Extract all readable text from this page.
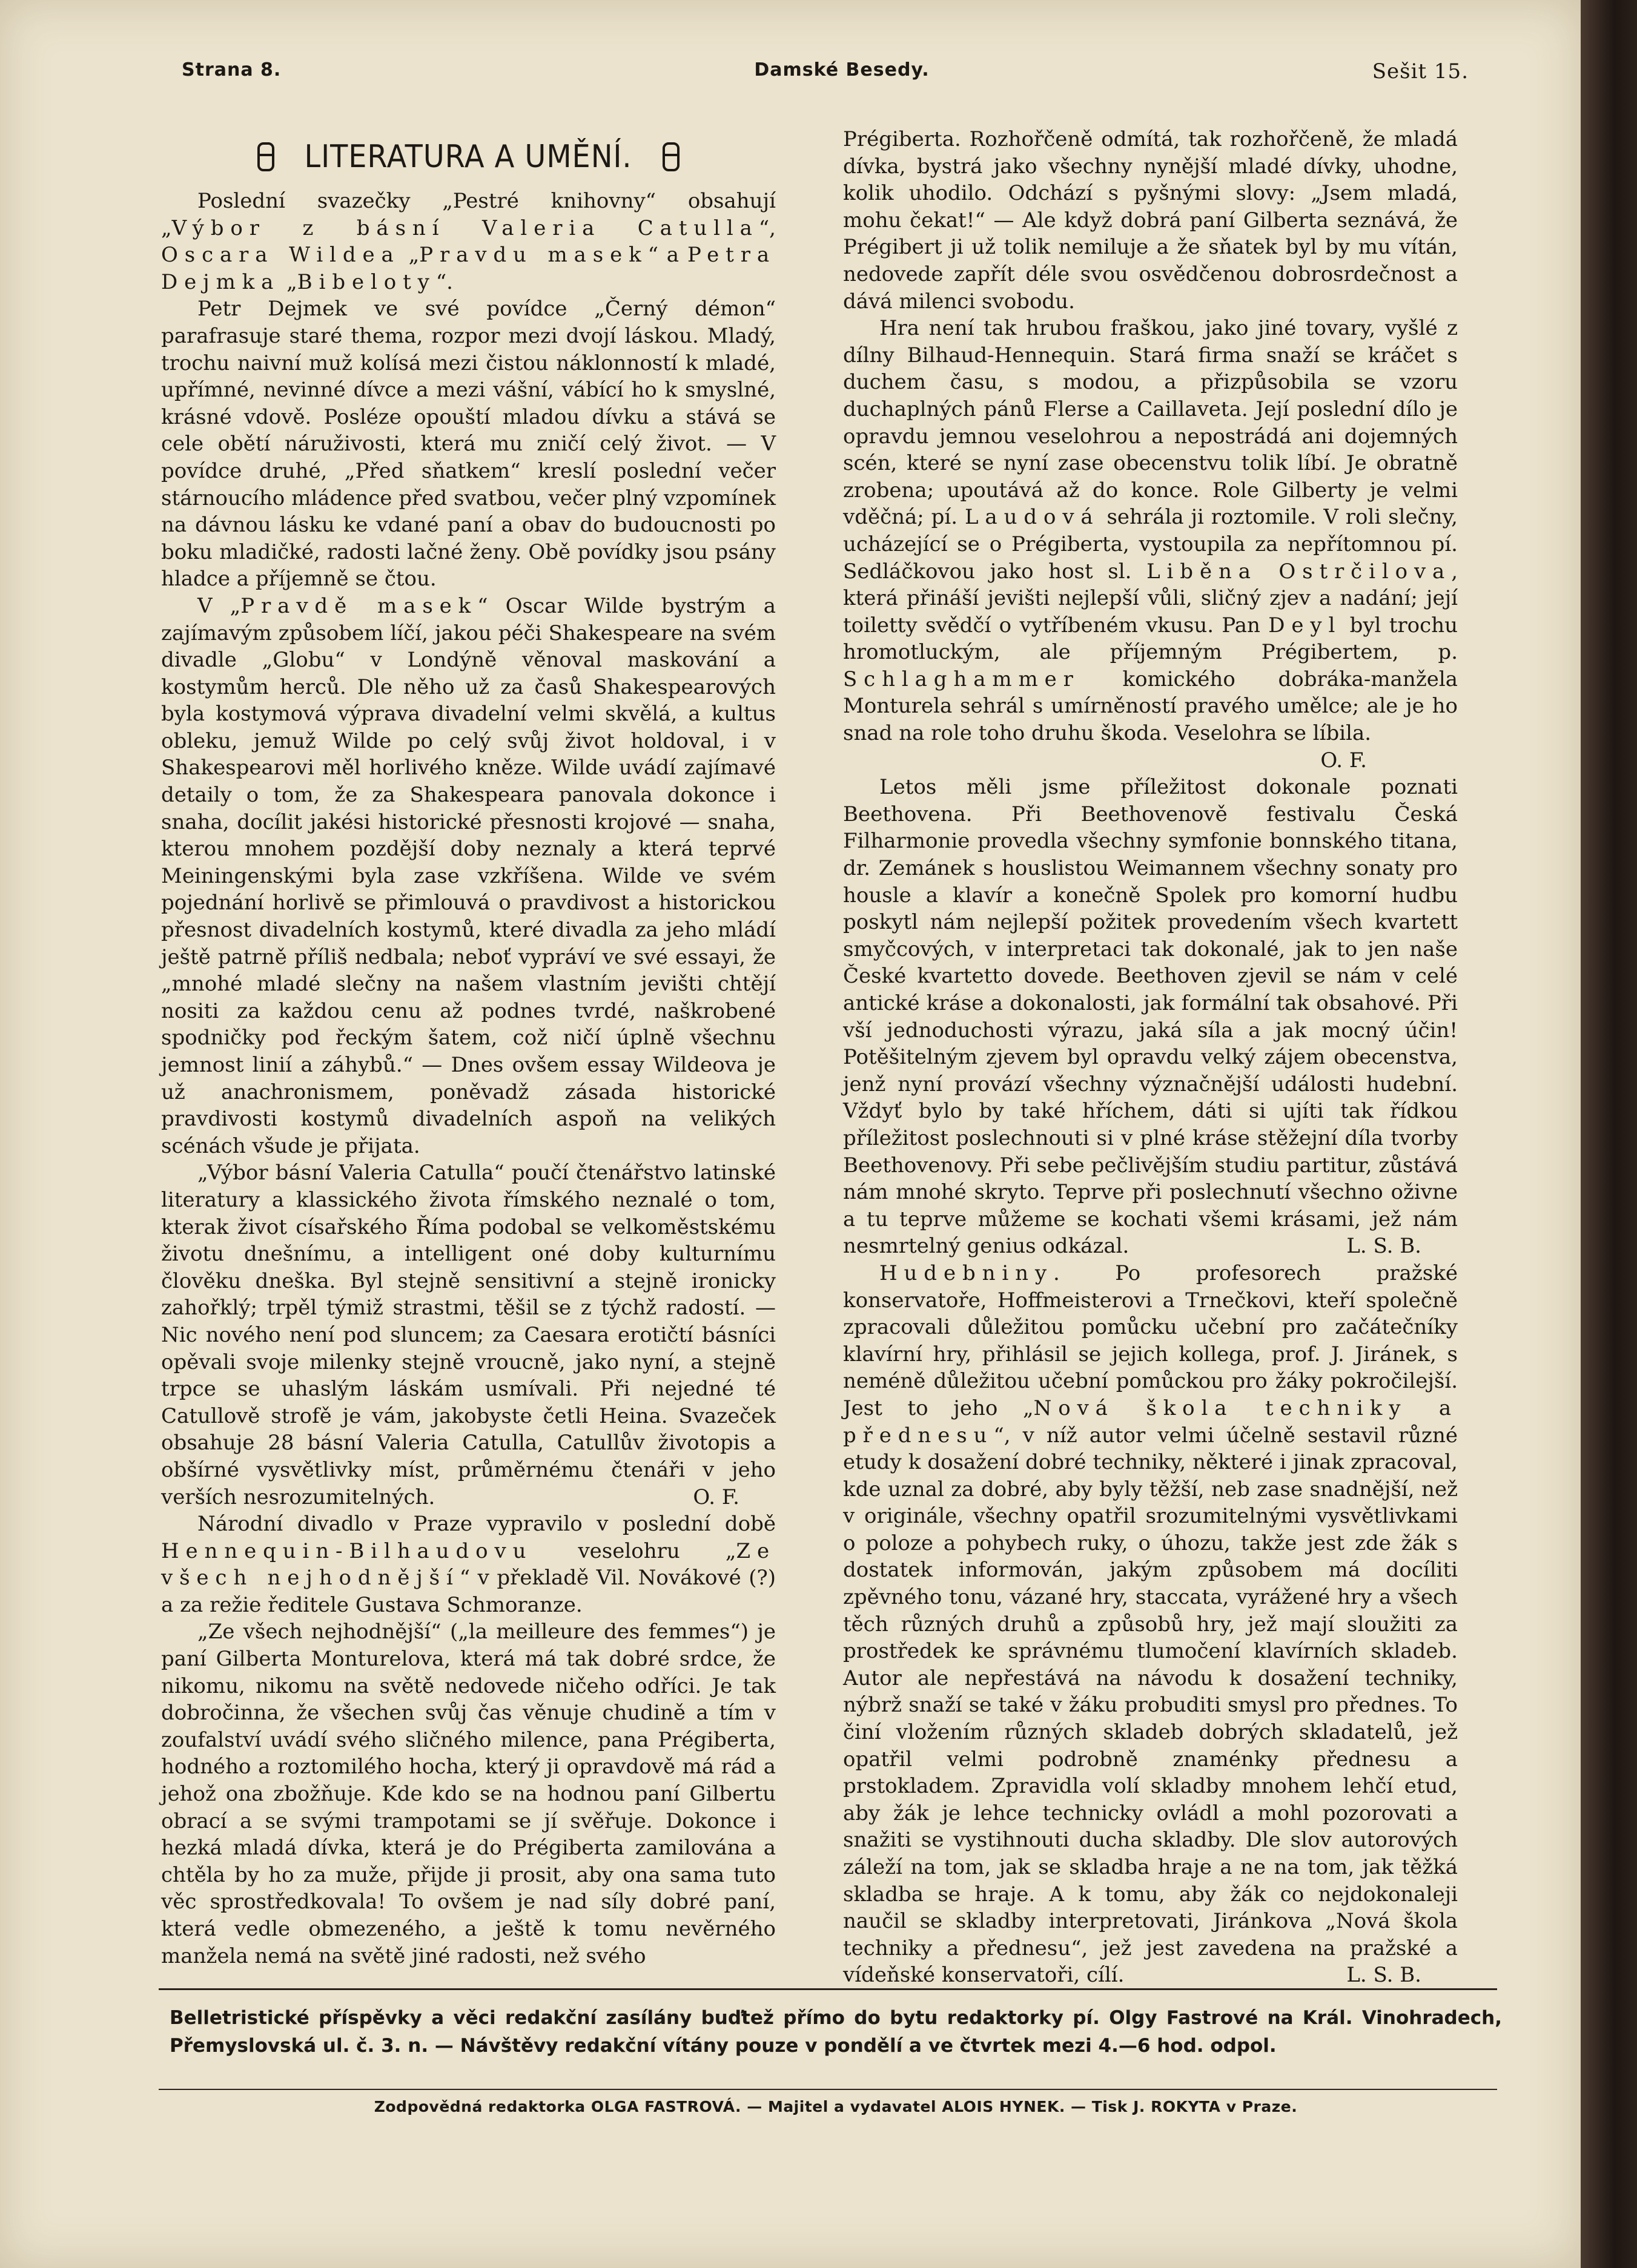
Strana 8.	Damské Besedy.	Sešit 15.
LITERATURA A UMĚNÍ.

Poslední svazečky „Pestré knihovny“ obsahují „Výbor z básní Valeria Catulla“, Oscara Wildea „Pravdu masek“ a Petra Dejmka „Bibeloty“.

Petr Dejmek ve své povídce „Černý démon“ parafrasuje staré thema, rozpor mezi dvojí láskou. Mladý, trochu naivní muž kolísá mezi čistou náklonností k mladé, upřímné, nevinné dívce a mezi vášní, vábící ho k smyslné, krásné vdově. Posléze opouští mladou dívku a stává se cele obětí náruživosti, která mu zničí celý život. — V povídce druhé, „Před sňatkem“ kreslí poslední večer stárnoucího mládence před svatbou, večer plný vzpomínek na dávnou lásku ke vdané paní a obav do budoucnosti po boku mladičké, radosti lačné ženy. Obě povídky jsou psány hladce a příjemně se čtou.

V „Pravdě masek“ Oscar Wilde bystrým a zajímavým způsobem líčí, jakou péči Shakespeare na svém divadle „Globu“ v Londýně věnoval maskování a kostymům herců. Dle něho už za časů Shakespearových byla kostymová výprava divadelní velmi skvělá, a kultus obleku, jemuž Wilde po celý svůj život holdoval, i v Shakespearovi měl horlivého kněze. Wilde uvádí zajímavé detaily o tom, že za Shakespeara panovala dokonce i snaha, docílit jakési historické přesnosti krojové — snaha, kterou mnohem pozdější doby neznaly a která teprvé Meiningenskými byla zase vzkříšena. Wilde ve svém pojednání horlivě se přimlouvá o pravdivost a historickou přesnost divadelních kostymů, které divadla za jeho mládí ještě patrně příliš nedbala; neboť vypráví ve své essayi, že „mnohé mladé slečny na našem vlastním jevišti chtějí nositi za každou cenu až podnes tvrdé, naškrobené spodničky pod řeckým šatem, což ničí úplně všechnu jemnost linií a záhybů.“ — Dnes ovšem essay Wildeova je už anachronismem, poněvadž zásada historické pravdivosti kostymů divadelních aspoň na velikých scénách všude je přijata.

„Výbor básní Valeria Catulla“ poučí čtenářstvo latinské literatury a klassického života římského neznalé o tom, kterak život císařského Říma podobal se velkoměstskému životu dnešnímu, a intelligent oné doby kulturnímu člověku dneška. Byl stejně sensitivní a stejně ironicky zahořklý; trpěl týmiž strastmi, těšil se z týchž radostí. — Nic nového není pod sluncem; za Caesara erotičtí básníci opěvali svoje milenky stejně vroucně, jako nyní, a stejně trpce se uhaslým láskám usmívali. Při nejedné té Catullově strofě je vám, jakobyste četli Heina. Svazeček obsahuje 28 básní Valeria Catulla, Catullův životopis a obšírné vysvětlivky míst, průměrnému čtenáři v jeho verších nesrozumitelných.	O. F.

Národní divadlo v Praze vypravilo v poslední době Hennequin-Bilhaudovu veselohru „Ze všech nejhodnější“ v překladě Vil. Novákové (?) a za režie ředitele Gustava Schmoranze.

„Ze všech nejhodnější“ („la meilleure des femmes“) je paní Gilberta Monturelova, která má tak dobré srdce, že nikomu, nikomu na světě nedovede ničeho odříci. Je tak dobročinna, že všechen svůj čas věnuje chudině a tím v zoufalství uvádí svého sličného milence, pana Prégiberta, hodného a roztomilého hocha, který ji opravdově má rád a jehož ona zbožňuje. Kde kdo se na hodnou paní Gilbertu obrací a se svými trampotami se jí svěřuje. Dokonce i hezká mladá dívka, která je do Prégiberta zamilována a chtěla by ho za muže, přijde ji prosit, aby ona sama tuto věc sprostředkovala! To ovšem je nad síly dobré paní, která vedle obmezeného, a ještě k tomu nevěrného manžela nemá na světě jiné radosti, než svého

Prégiberta. Rozhořčeně odmítá, tak rozhořčeně, že mladá dívka, bystrá jako všechny nynější mladé dívky, uhodne, kolik uhodilo. Odchází s pyšnými slovy: „Jsem mladá, mohu čekat!“ — Ale když dobrá paní Gilberta seznává, že Prégibert ji už tolik nemiluje a že sňatek byl by mu vítán, nedovede zapřít déle svou osvědčenou dobrosrdečnost a dává milenci svobodu.

Hra není tak hrubou fraškou, jako jiné tovary, vyšlé z dílny Bilhaud-Hennequin. Stará firma snaží se kráčet s duchem času, s modou, a přizpůsobila se vzoru duchaplných pánů Flerse a Caillaveta. Její poslední dílo je opravdu jemnou veselohrou a nepostrádá ani dojemných scén, které se nyní zase obecenstvu tolik líbí. Je obratně zrobena; upoutává až do konce. Role Gilberty je velmi vděčná; pí. Laudová sehrála ji roztomile. V roli slečny, ucházející se o Prégiberta, vystoupila za nepřítomnou pí. Sedláčkovou jako host sl. Liběna Ostrčilova, která přináší jevišti nejlepší vůli, sličný zjev a nadání; její toiletty svědčí o vytříbeném vkusu. Pan Deyl byl trochu hromotluckým, ale příjemným Prégibertem, p. Schlaghammer komického dobráka-manžela Monturela sehrál s umírněností pravého umělce; ale je ho snad na role toho druhu škoda. Veselohra se líbila.

O. F.

Letos měli jsme příležitost dokonale poznati Beethovena. Při Beethovenově festivalu Česká Filharmonie provedla všechny symfonie bonnského titana, dr. Zemánek s houslistou Weimannem všechny sonaty pro housle a klavír a konečně Spolek pro komorní hudbu poskytl nám nejlepší požitek provedením všech kvartett smyčcových, v interpretaci tak dokonalé, jak to jen naše České kvartetto dovede. Beethoven zjevil se nám v celé antické kráse a dokonalosti, jak formální tak obsahové. Při vší jednoduchosti výrazu, jaká síla a jak mocný účin! Potěšitelným zjevem byl opravdu velký zájem obecenstva, jenž nyní provází všechny význačnější události hudební. Vždyť bylo by také hříchem, dáti si ujíti tak řídkou příležitost poslechnouti si v plné kráse stěžejní díla tvorby Beethovenovy. Při sebe pečlivějším studiu partitur, zůstává nám mnohé skryto. Teprve při poslechnutí všechno oživne a tu teprve můžeme se kochati všemi krásami, jež nám nesmrtelný genius odkázal.	L. S. B.

Hudebniny. Po profesorech pražské konservatoře, Hoffmeisterovi a Trnečkovi, kteří společně zpracovali důležitou pomůcku učební pro začátečníky klavírní hry, přihlásil se jejich kollega, prof. J. Jiránek, s neméně důležitou učební pomůckou pro žáky pokročilejší. Jest to jeho „Nová škola techniky a přednesu“, v níž autor velmi účelně sestavil různé etudy k dosažení dobré techniky, některé i jinak zpracoval, kde uznal za dobré, aby byly těžší, neb zase snadnější, než v originále, všechny opatřil srozumitelnými vysvětlivkami o poloze a pohybech ruky, o úhozu, takže jest zde žák s dostatek informován, jakým způsobem má docíliti zpěvného tonu, vázané hry, staccata, vyrážené hry a všech těch různých druhů a způsobů hry, jež mají sloužiti za prostředek ke správnému tlumočení klavírních skladeb. Autor ale nepřestává na návodu k dosažení techniky, nýbrž snaží se také v žáku probuditi smysl pro přednes. To činí vložením různých skladeb dobrých skladatelů, jež opatřil velmi podrobně znaménky přednesu a prstokladem. Zpravidla volí skladby mnohem lehčí etud, aby žák je lehce technicky ovládl a mohl pozorovati a snažiti se vystihnouti ducha skladby. Dle slov autorových záleží na tom, jak se skladba hraje a ne na tom, jak těžká skladba se hraje. A k tomu, aby žák co nejdokonaleji naučil se skladby interpretovati, Jiránkova „Nová škola techniky a přednesu“, jež jest zavedena na pražské a vídeňské konservatoři, cílí.	L. S. B.

Belletristické příspěvky a věci redakční zasílány buďtež přímo do bytu redaktorky pí. Olgy Fastrové na Král. Vinohradech, Přemyslovská ul. č. 3. n. — Návštěvy redakční vítány pouze v pondělí a ve čtvrtek mezi 4.—6 hod. odpol.
Zodpovědná redaktorka OLGA FASTROVÁ. — Majitel a vydavatel ALOIS HYNEK. — Tisk J. ROKYTA v Praze.
